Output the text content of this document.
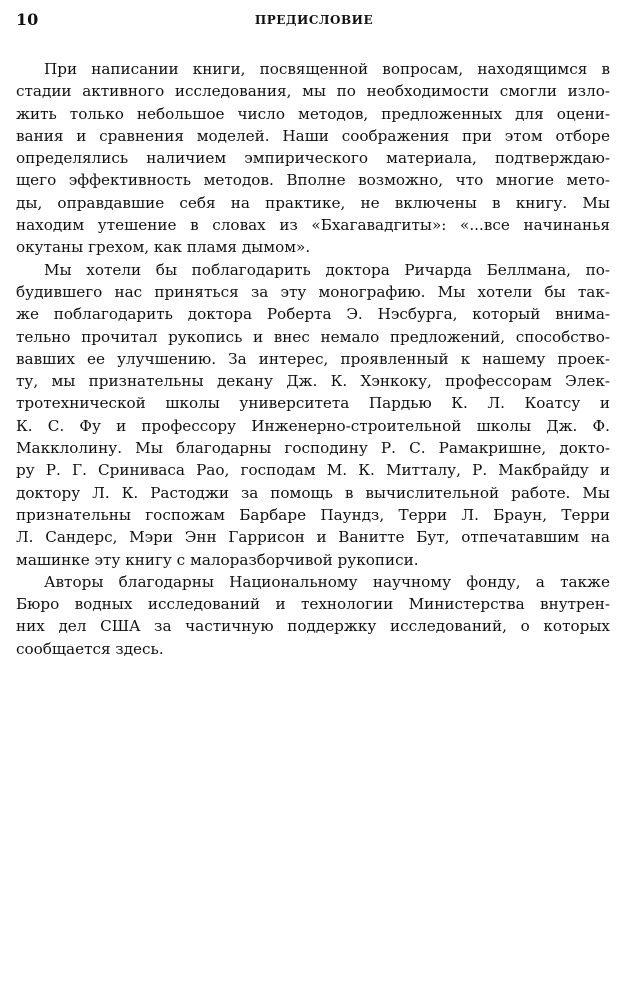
10	ПРЕДИСЛОВИЕ
При написании книги, посвященной вопросам, находящимся в
стадии активного исследования, мы по необходимости смогли изло-
жить только небольшое число методов, предложенных для оцени-
вания и сравнения моделей. Наши соображения при этом отборе
определялись наличием эмпирического материала, подтверждаю-
щего эффективность методов. Вполне возможно, что многие мето-
ды, оправдавшие себя на практике, не включены в книгу. Мы
находим утешение в словах из «Бхагавадгиты»: «...все начинанья
окутаны грехом, как пламя дымом».
Мы хотели бы поблагодарить доктора Ричарда Беллмана, по-
будившего нас приняться за эту монографию. Мы хотели бы так-
же поблагодарить доктора Роберта Э. Нэсбурга, который внима-
тельно прочитал рукопись и внес немало предложений, способство-
вавших ее улучшению. За интерес, проявленный к нашему проек-
ту, мы признательны декану Дж. К. Хэнкоку, профессорам Элек-
тротехнической школы университета Пардью К. Л. Коатсу и
К. С. Фу и профессору Инженерно-строительной школы Дж. Ф.
Макклолину. Мы благодарны господину Р. С. Рамакришне, докто-
ру Р. Г. Сриниваса Рао, господам М. К. Митталу, Р. Макбрайду и
доктору Л. К. Растоджи за помощь в вычислительной работе. Мы
признательны госпожам Барбаре Паундз, Терри Л. Браун, Терри
Л. Сандерс, Мэри Энн Гаррисон и Ванитте Бут, отпечатавшим на
машинке эту книгу с малоразборчивой рукописи.
Авторы благодарны Национальному научному фонду, а также
Бюро водных исследований и технологии Министерства внутрен-
них дел США за частичную поддержку исследований, о которых
сообщается здесь.
